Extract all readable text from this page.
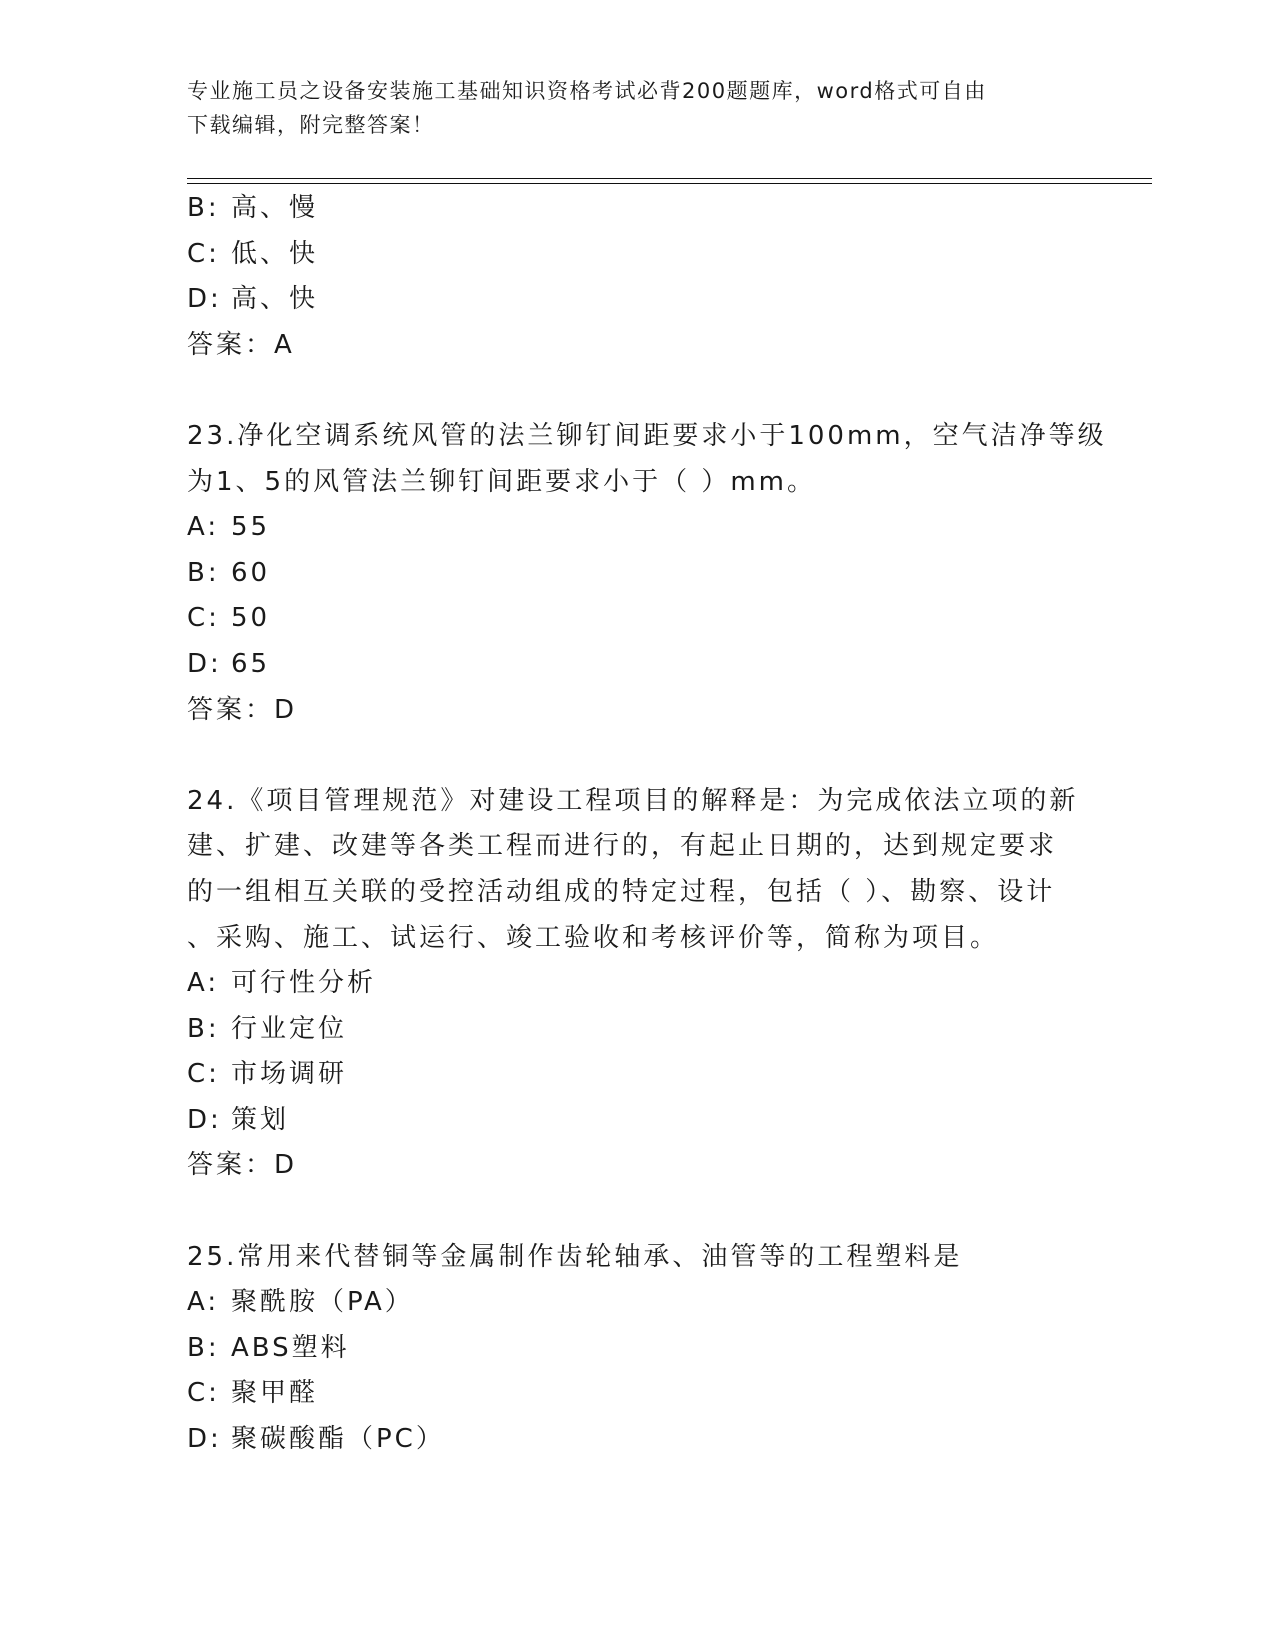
专业施工员之设备安装施工基础知识资格考试必背200题题库，word格式可自由
下载编辑，附完整答案！
B: 高、慢
C: 低、快
D: 高、快
答案：A
23.净化空调系统风管的法兰铆钉间距要求小于100mm，空气洁净等级
为1、5的风管法兰铆钉间距要求小于（ ）mm。
A: 55
B: 60
C: 50
D: 65
答案：D
24.《项目管理规范》对建设工程项目的解释是：为完成依法立项的新
建、扩建、改建等各类工程而进行的，有起止日期的，达到规定要求
的一组相互关联的受控活动组成的特定过程，包括（ ）、勘察、设计
、采购、施工、试运行、竣工验收和考核评价等，简称为项目。
A: 可行性分析
B: 行业定位
C: 市场调研
D: 策划
答案：D
25.常用来代替铜等金属制作齿轮轴承、油管等的工程塑料是
A: 聚酰胺（PA）
B: ABS塑料
C: 聚甲醛
D: 聚碳酸酯（PC）
